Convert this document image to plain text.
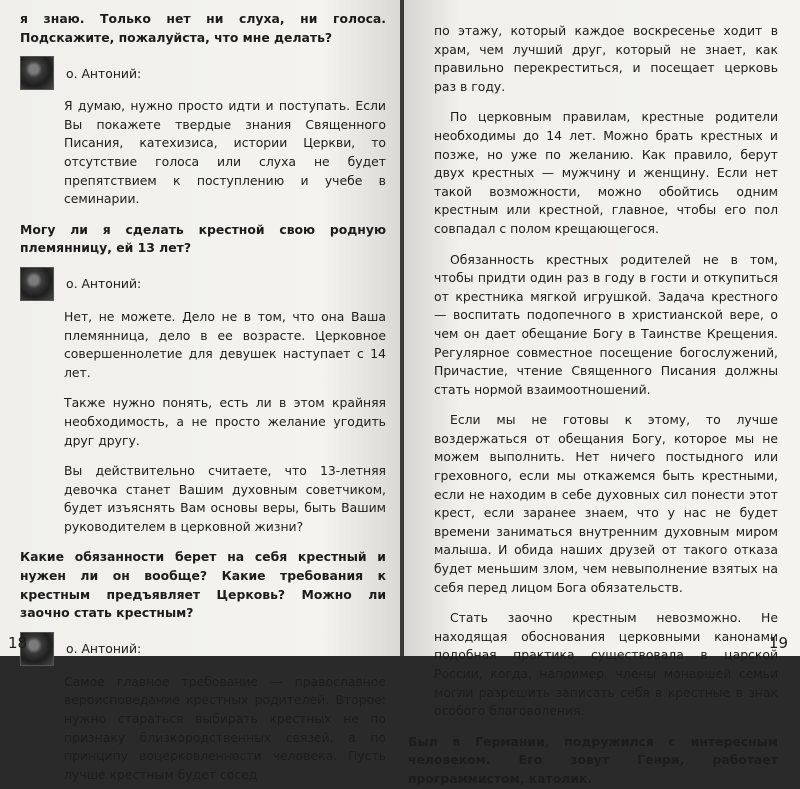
я знаю. Только нет ни слуха, ни голоса. Подскажите, пожалуйста, что мне делать?

о. Антоний:

Я думаю, нужно просто идти и поступать. Если Вы покажете твердые знания Священного Писания, катехизиса, истории Церкви, то отсутствие голоса или слуха не будет препятствием к поступлению и учебе в семинарии.

Могу ли я сделать крестной свою родную племянницу, ей 13 лет?

о. Антоний:

Нет, не можете. Дело не в том, что она Ваша племянница, дело в ее возрасте. Церковное совершеннолетие для девушек наступает с 14 лет.

Также нужно понять, есть ли в этом крайняя необходимость, а не просто желание угодить друг другу.

Вы действительно считаете, что 13-летняя девочка станет Вашим духовным советчиком, будет изъяснять Вам основы веры, быть Вашим руководителем в церковной жизни?

Какие обязанности берет на себя крестный и нужен ли он вообще? Какие требования к крестным предъявляет Церковь? Можно ли заочно стать крестным?

о. Антоний:

Самое главное требование — православное вероисповедание крестных родителей. Второе: нужно стараться выбирать крестных не по признаку близкородственных связей, а по принципу воцерковленности человека. Пусть лучше крестным будет сосед

18

по этажу, который каждое воскресенье ходит в храм, чем лучший друг, который не знает, как правильно перекреститься, и посещает церковь раз в году.

По церковным правилам, крестные родители необходимы до 14 лет. Можно брать крестных и позже, но уже по желанию. Как правило, берут двух крестных — мужчину и женщину. Если нет такой возможности, можно обойтись одним крестным или крестной, главное, чтобы его пол совпадал с полом крещающегося.

Обязанность крестных родителей не в том, чтобы придти один раз в году в гости и откупиться от крестника мягкой игрушкой. Задача крестного — воспитать подопечного в христианской вере, о чем он дает обещание Богу в Таинстве Крещения. Регулярное совместное посещение богослужений, Причастие, чтение Священного Писания должны стать нормой взаимоотношений.

Если мы не готовы к этому, то лучше воздержаться от обещания Богу, которое мы не можем выполнить. Нет ничего постыдного или греховного, если мы откажемся быть крестными, если не находим в себе духовных сил понести этот крест, если заранее знаем, что у нас не будет времени заниматься внутренним духовным миром малыша. И обида наших друзей от такого отказа будет меньшим злом, чем невыполнение взятых на себя перед лицом Бога обязательств.

Стать заочно крестным невозможно. Не находящая обоснования церковными канонами подобная практика существовала в царской России, когда, например, члены монаршей семьи могли разрешить записать себя в крестные в знак особого благоволения.

Был в Германии, подружился с интересным человеком. Его зовут Генри, работает программистом, католик.

19
